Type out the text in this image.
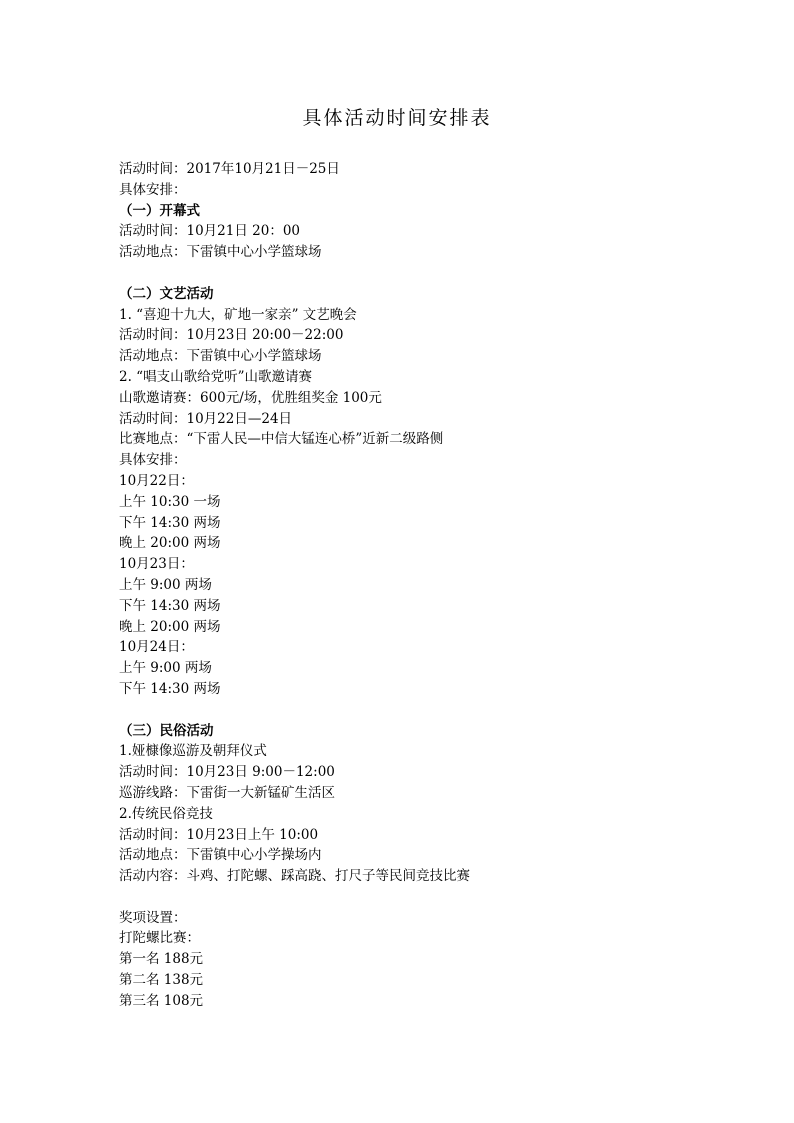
具体活动时间安排表
活动时间：2017年10月21日－25日
具体安排：
（一）开幕式
活动时间：10月21日 20：00
活动地点：下雷镇中心小学篮球场
（二）文艺活动
1. “喜迎十九大，矿地一家亲” 文艺晚会
活动时间：10月23日 20:00－22:00
活动地点：下雷镇中心小学篮球场
2. “唱支山歌给党听”山歌邀请赛
山歌邀请赛：600元/场，优胜组奖金 100元
活动时间：10月22日—24日
比赛地点：“下雷人民—中信大锰连心桥”近新二级路侧
具体安排：
10月22日：
上午 10:30 一场
下午 14:30 两场
晚上 20:00 两场
10月23日：
上午 9:00 两场
下午 14:30 两场
晚上 20:00 两场
10月24日：
上午 9:00 两场
下午 14:30 两场
（三）民俗活动
1.娅槺像巡游及朝拜仪式
活动时间：10月23日 9:00－12:00
巡游线路：下雷街一大新锰矿生活区
2.传统民俗竞技
活动时间：10月23日上午 10:00
活动地点：下雷镇中心小学操场内
活动内容：斗鸡、打陀螺、踩高跷、打尺子等民间竞技比赛
奖项设置：
打陀螺比赛：
第一名 188元
第二名 138元
第三名 108元
